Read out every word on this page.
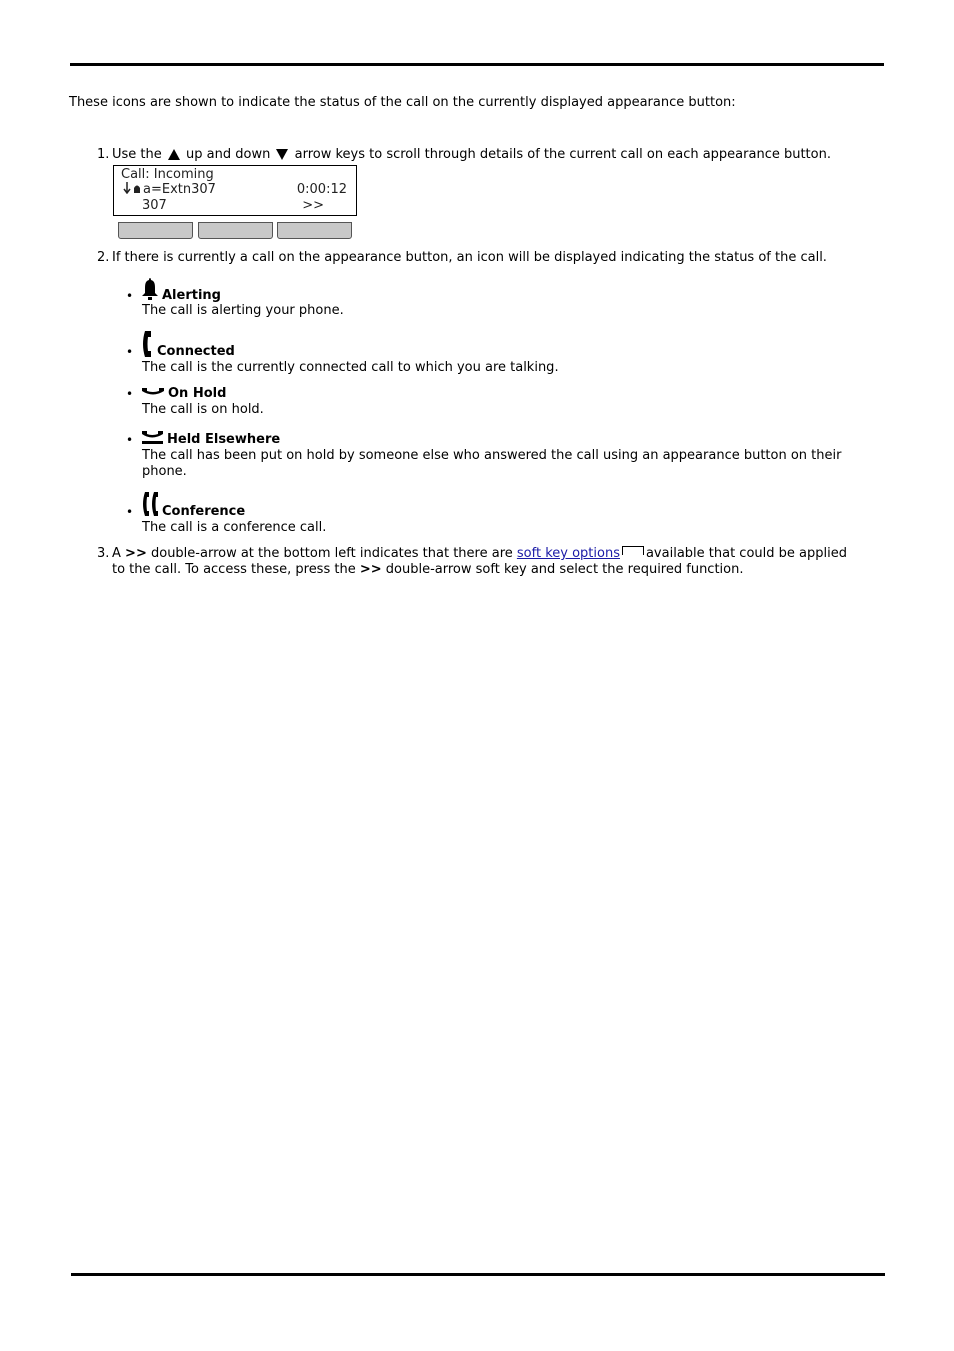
These icons are shown to indicate the status of the call on the currently displayed appearance button:
1. Use the up and down arrow keys to scroll through details of the current call on each appearance button.
Call: Incoming
a=Extn307	0:00:12
307	>>
2. If there is currently a call on the appearance button, an icon will be displayed indicating the status of the call.
• Alerting
The call is alerting your phone.
• Connected
The call is the currently connected call to which you are talking.
•	On Hold
The call is on hold.
•	Held Elsewhere
The call has been put on hold by someone else who answered the call using an appearance button on their phone.
• Conference
The call is a conference call.
3. A >> double-arrow at the bottom left indicates that there are soft key options available that could be applied to the call. To access these, press the >> double-arrow soft key and select the required function.
